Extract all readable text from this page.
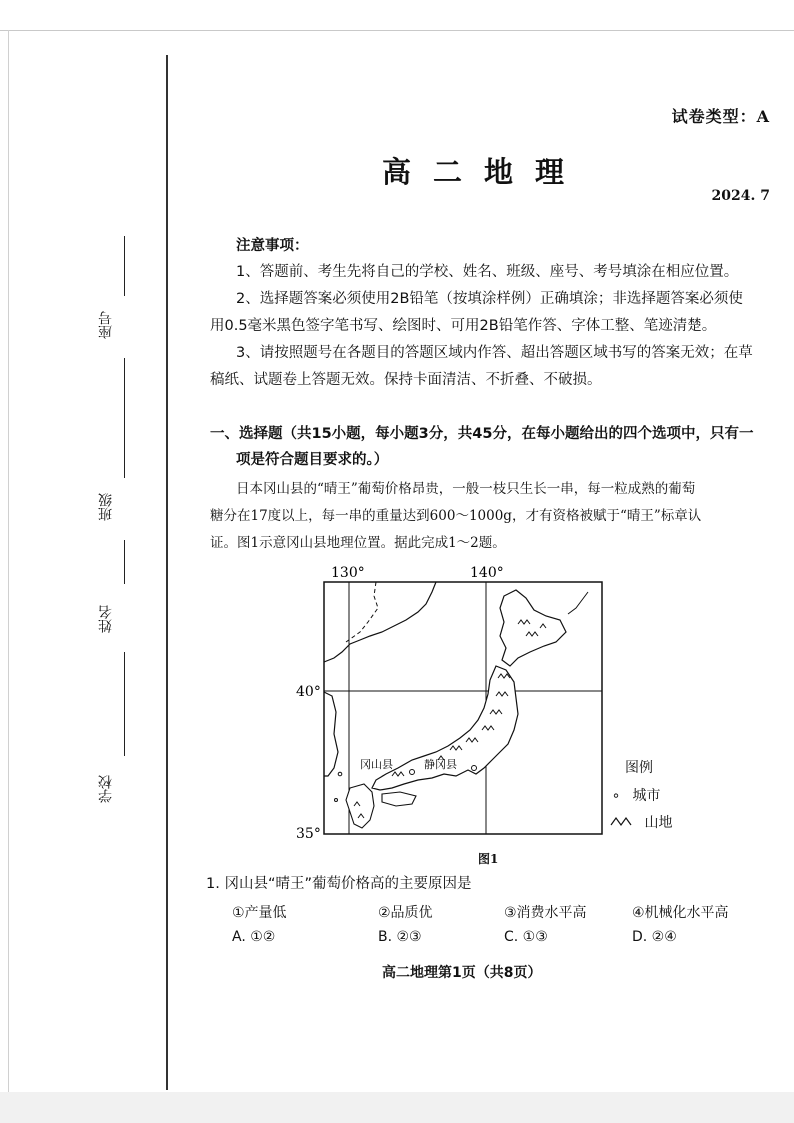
座号
班级
姓名
学校
试卷类型：A
高二地理
2024. 7
注意事项：
1、答题前、考生先将自己的学校、姓名、班级、座号、考号填涂在相应位置。
2、选择题答案必须使用2B铅笔（按填涂样例）正确填涂；非选择题答案必须使
用0.5毫米黑色签字笔书写、绘图时、可用2B铅笔作答、字体工整、笔迹清楚。
3、请按照题号在各题目的答题区域内作答、超出答题区域书写的答案无效；在草
稿纸、试题卷上答题无效。保持卡面清洁、不折叠、不破损。
一、选择题（共15小题，每小题3分，共45分，在每小题给出的四个选项中，只有一
项是符合题目要求的。）
日本冈山县的“晴王”葡萄价格昂贵，一般一枝只生长一串，每一粒成熟的葡萄
糖分在17度以上，每一串的重量达到600～1000g，才有资格被赋于“晴王”标章认
证。图1示意冈山县地理位置。据此完成1～2题。
130°	140°
40°
35°
冈山县	静冈县	图例
∘ 城市
山地
图1
1. 冈山县“晴王”葡萄价格高的主要原因是
①产量低	②品质优	③消费水平高	④机械化水平高
A. ①②	B. ②③	C. ①③	D. ②④
高二地理第1页（共8页）
